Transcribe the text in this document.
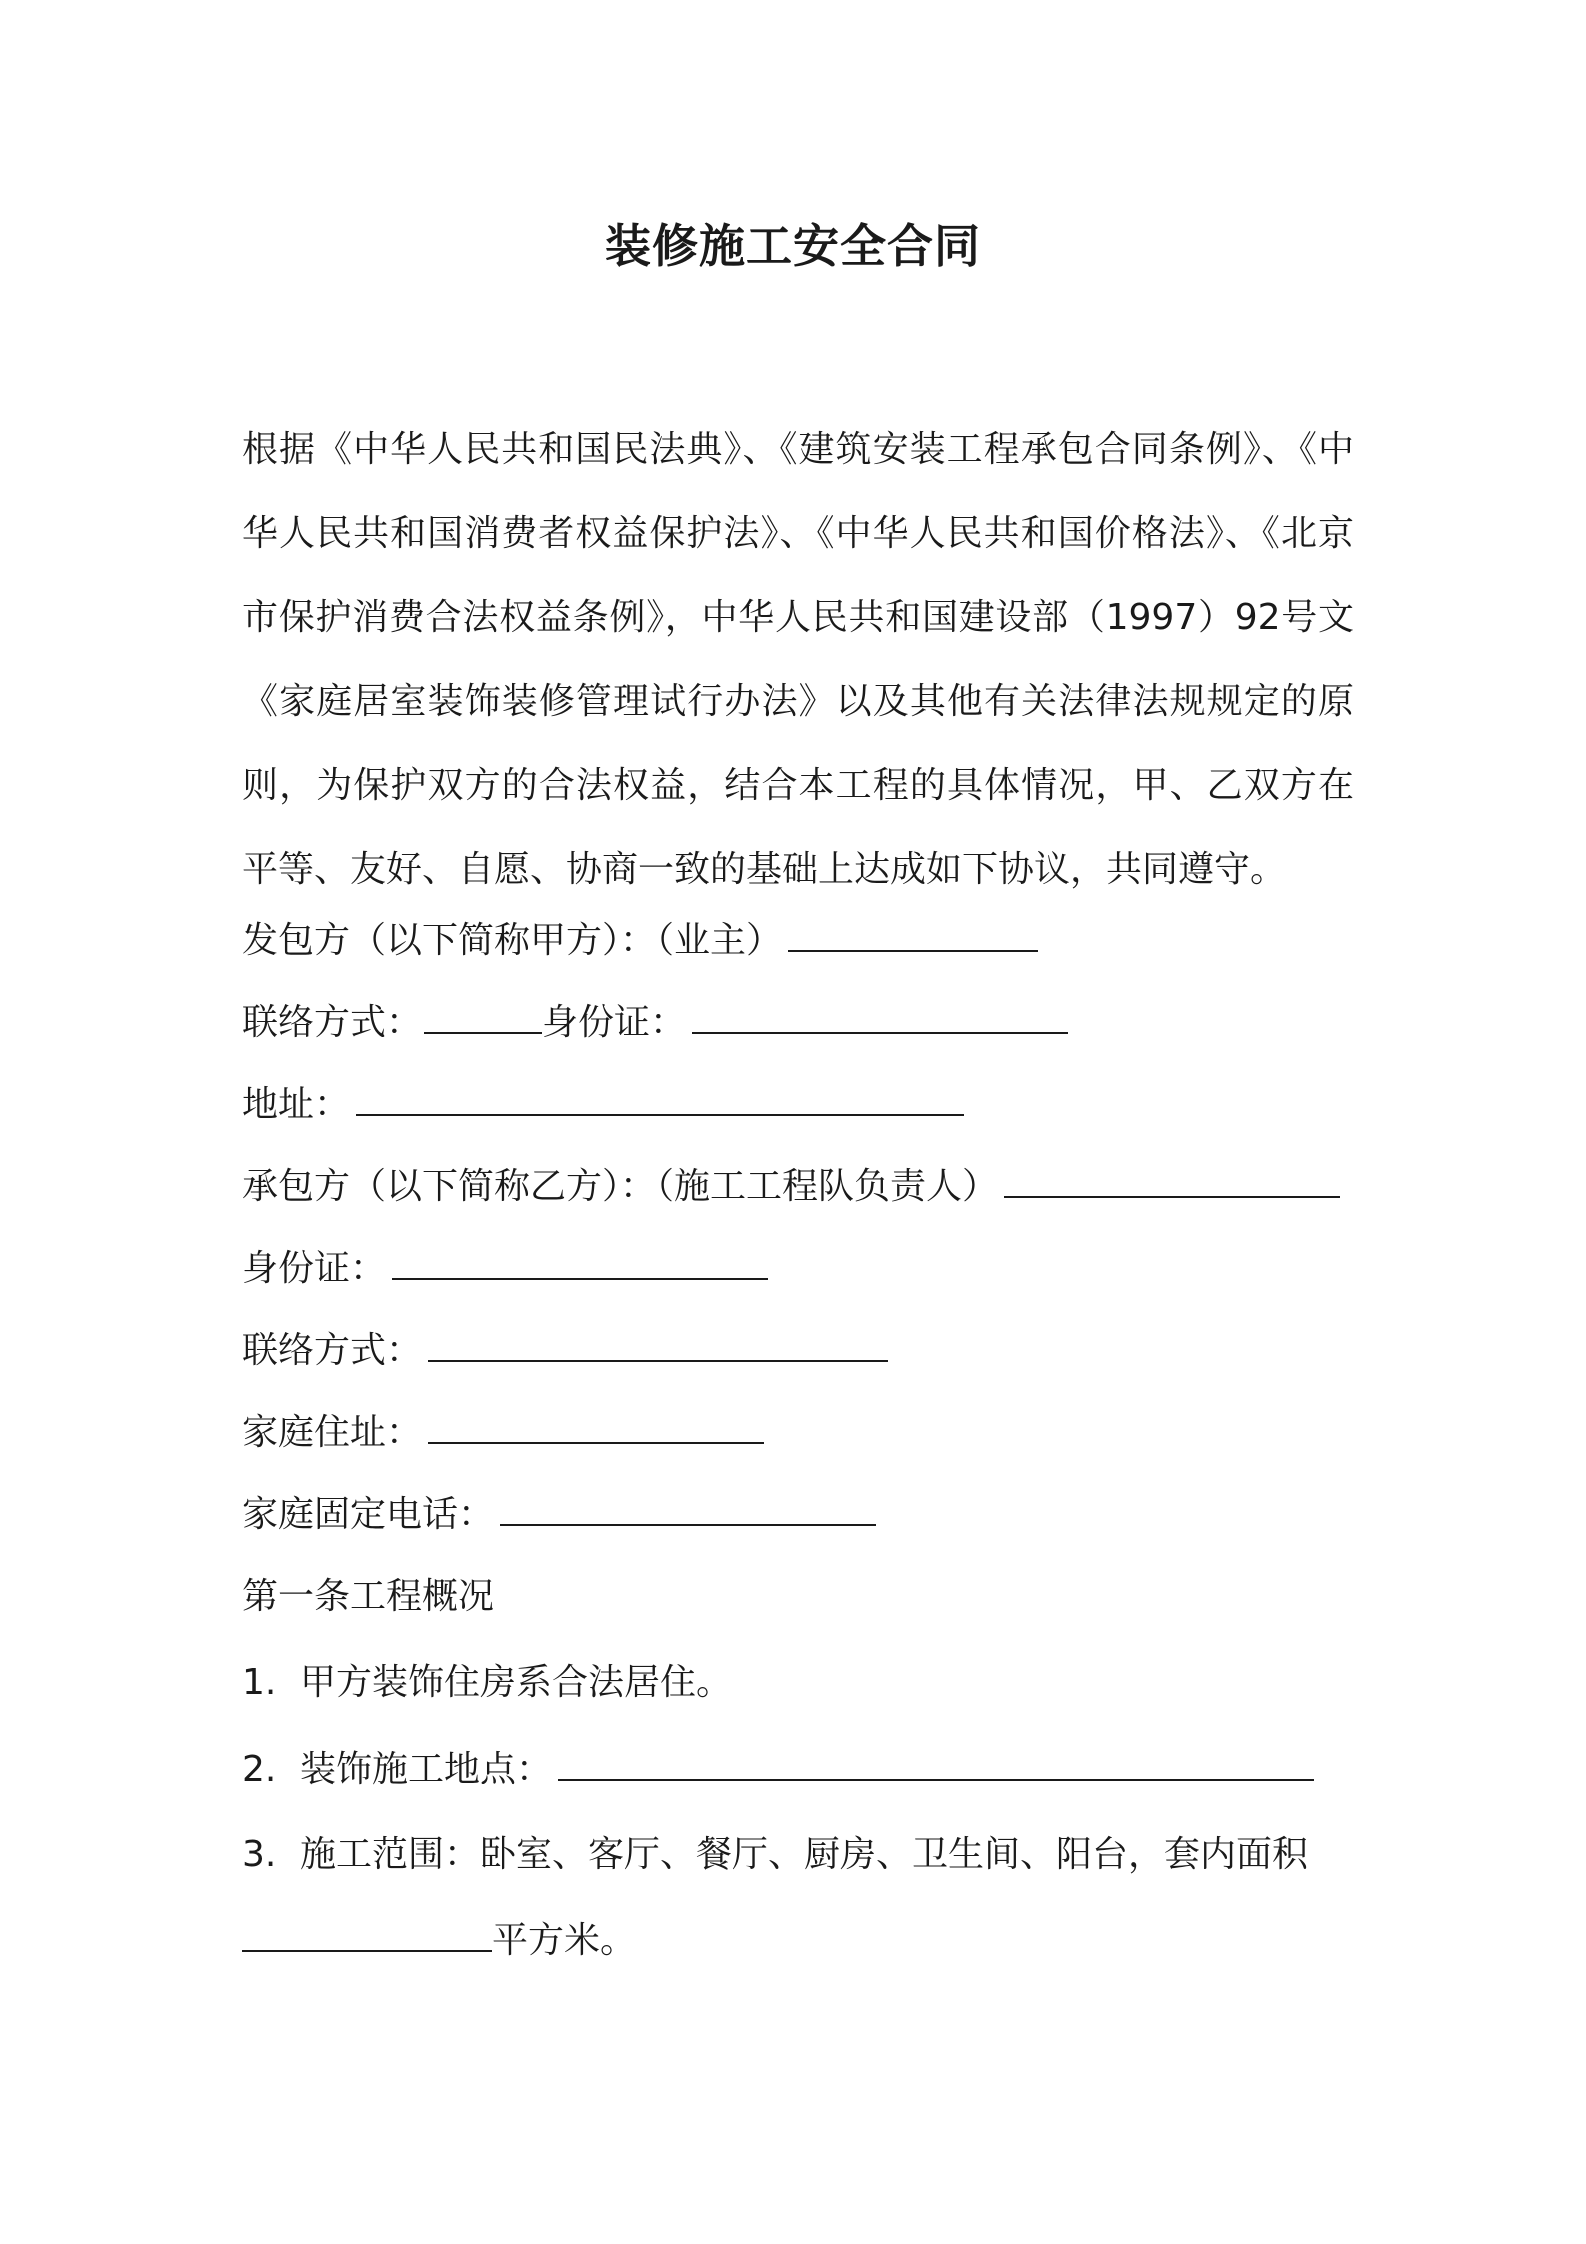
装修施工安全合同
根据《中华人民共和国民法典》、《建筑安装工程承包合同条例》、《中华人民共和国消费者权益保护法》、《中华人民共和国价格法》、《北京市保护消费合法权益条例》，中华人民共和国建设部（1997）92号文《家庭居室装饰装修管理试行办法》以及其他有关法律法规规定的原则，为保护双方的合法权益，结合本工程的具体情况，甲、乙双方在平等、友好、自愿、协商一致的基础上达成如下协议，共同遵守。
发包方（以下简称甲方）：（业主）
联络方式：	身份证：
地址：
承包方（以下简称乙方）：（施工工程队负责人）
身份证：
联络方式：
家庭住址：
家庭固定电话：
第一条工程概况
1. 甲方装饰住房系合法居住。
2. 装饰施工地点：
3. 施工范围：卧室、客厅、餐厅、厨房、卫生间、阳台，套内面积
平方米。
